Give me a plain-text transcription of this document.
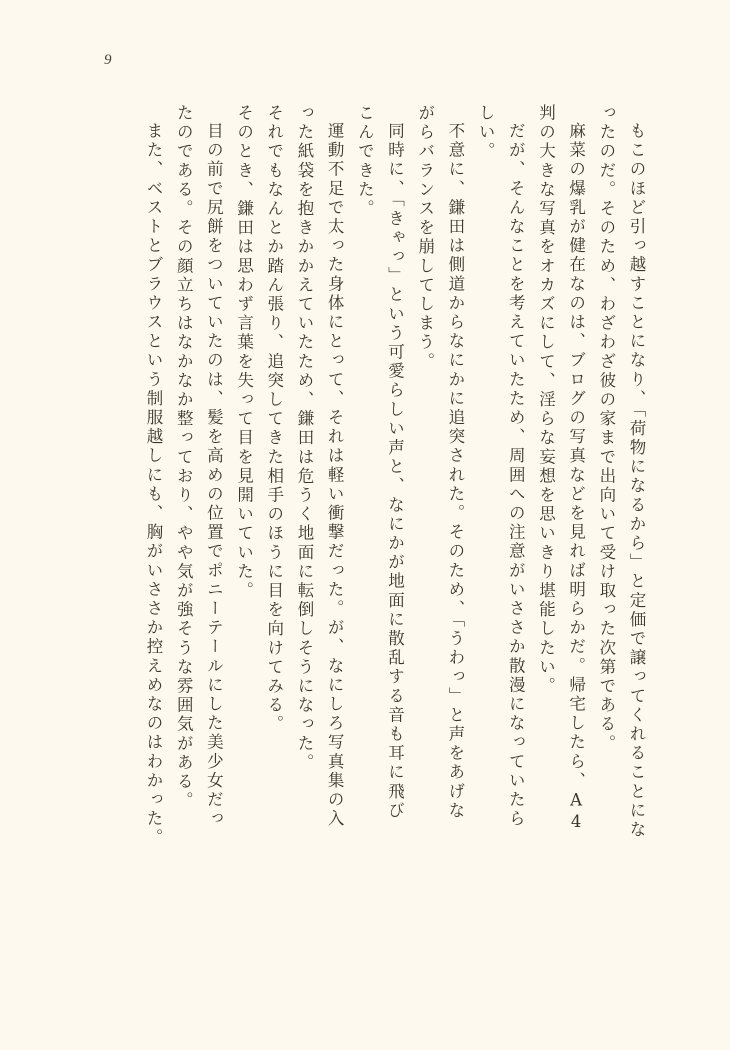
9
もこのほど引っ越すことになり、「荷物になるから」と定価で譲ってくれることにな
ったのだ。そのため、わざわざ彼の家まで出向いて受け取った次第である。
麻菜の爆乳が健在なのは、ブログの写真などを見れば明らかだ。帰宅したら、A4
判の大きな写真をオカズにして、淫らな妄想を思いきり堪能したい。
だが、そんなことを考えていたため、周囲への注意がいささか散漫になっていたら
しい。
不意に、鎌田は側道からなにかに追突された。そのため、「うわっ」と声をあげな
がらバランスを崩してしまう。
同時に、「きゃっ」という可愛らしい声と、なにかが地面に散乱する音も耳に飛び
こんできた。
運動不足で太った身体にとって、それは軽い衝撃だった。が、なにしろ写真集の入
った紙袋を抱きかかえていたため、鎌田は危うく地面に転倒しそうになった。
それでもなんとか踏ん張り、追突してきた相手のほうに目を向けてみる。
そのとき、鎌田は思わず言葉を失って目を見開いていた。
目の前で尻餅をついていたのは、髪を高めの位置でポニーテールにした美少女だっ
たのである。その顔立ちはなかなか整っており、やや気が強そうな雰囲気がある。
また、ベストとブラウスという制服越しにも、胸がいささか控えめなのはわかった。
